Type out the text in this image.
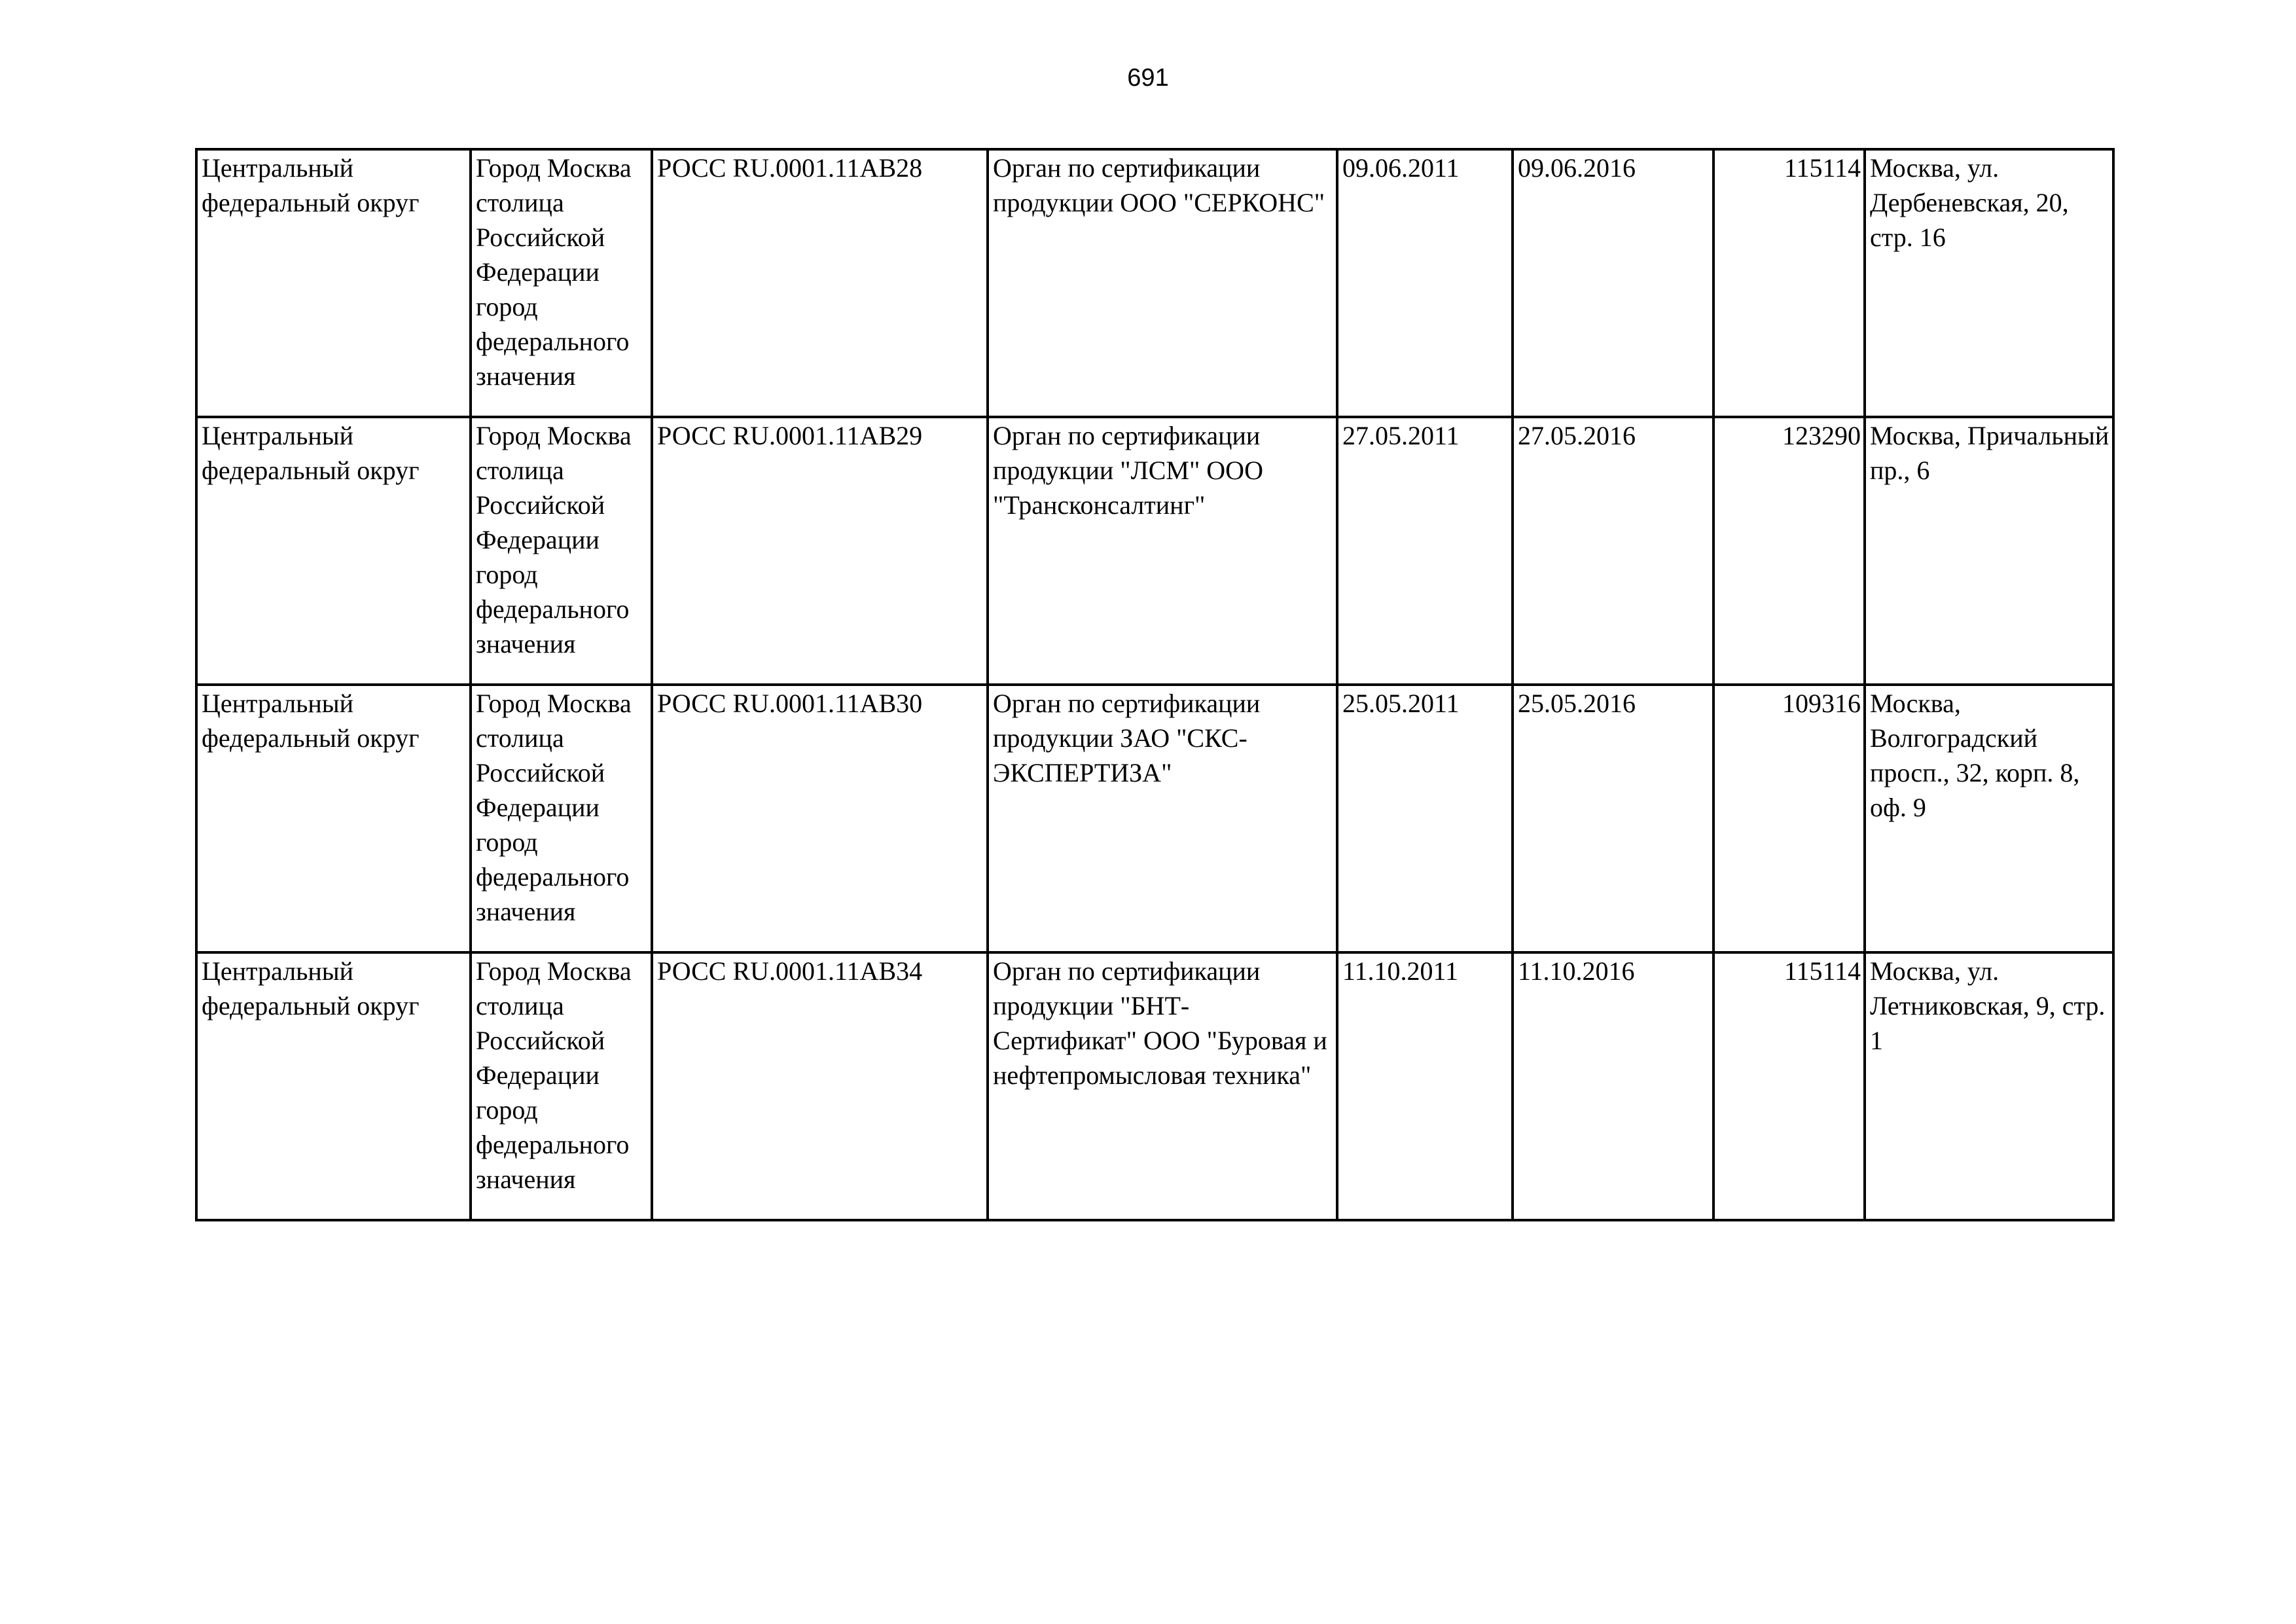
691
Центральный федеральный округ	Город Москва столица Российской Федерации город федерального значения	РОСС RU.0001.11АВ28	Орган по сертификации продукции ООО "СЕРКОНС"	09.06.2011	09.06.2016	115114	Москва, ул. Дербеневская, 20, стр. 16

Центральный федеральный округ	Город Москва столица Российской Федерации город федерального значения	РОСС RU.0001.11АВ29	Орган по сертификации продукции "ЛСМ" ООО "Трансконсалтинг"	27.05.2011	27.05.2016	123290	Москва, Причальный пр., 6

Центральный федеральный округ	Город Москва столица Российской Федерации город федерального значения	РОСС RU.0001.11АВ30	Орган по сертификации продукции ЗАО "СКС-ЭКСПЕРТИЗА"	25.05.2011	25.05.2016	109316	Москва, Волгоградский просп., 32, корп. 8, оф. 9

Центральный федеральный округ	Город Москва столица Российской Федерации город федерального значения	РОСС RU.0001.11АВ34	Орган по сертификации продукции "БНТ-Сертификат" ООО "Буровая и нефтепромысловая техника"	11.10.2011	11.10.2016	115114	Москва, ул. Летниковская, 9, стр. 1
